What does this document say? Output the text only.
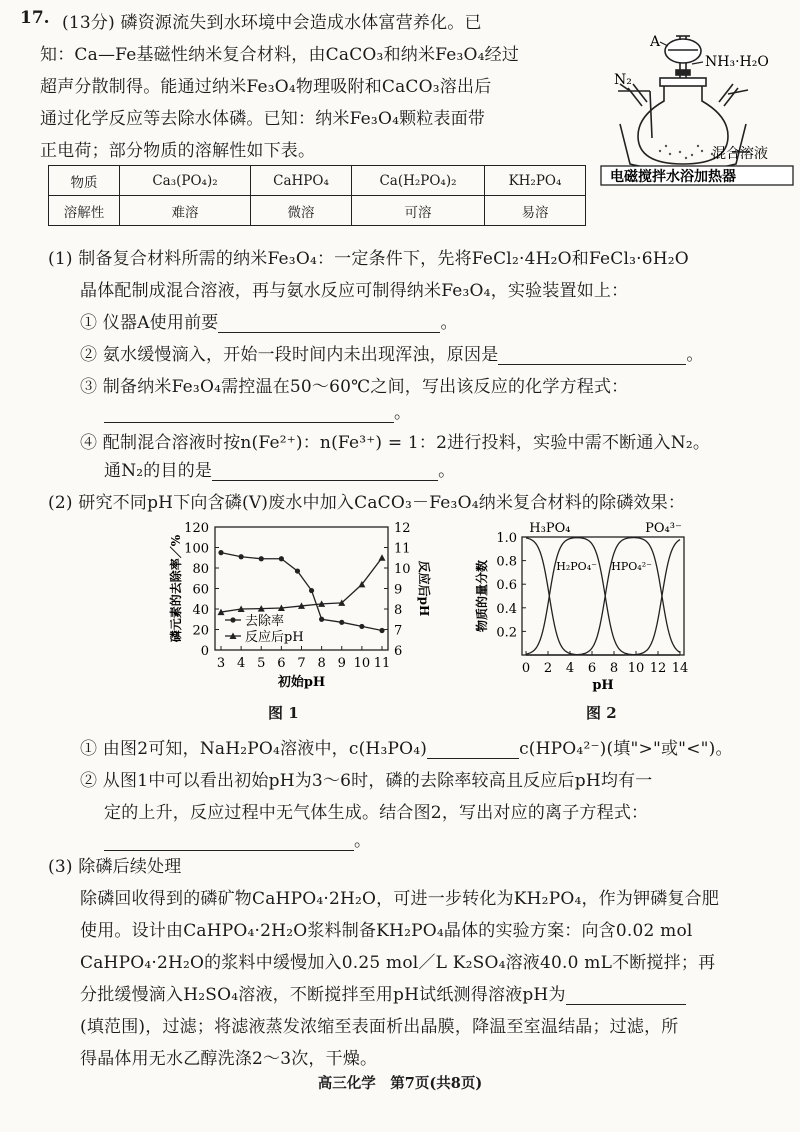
17. (13分) 磷资源流失到水环境中会造成水体富营养化。已
知：Ca—Fe基磁性纳米复合材料，由CaCO₃和纳米Fe₃O₄经过
超声分散制得。能通过纳米Fe₃O₄物理吸附和CaCO₃溶出后
通过化学反应等去除水体磷。已知：纳米Fe₃O₄颗粒表面带
正电荷；部分物质的溶解性如下表。
A
NH₃·H₂O
N₂
混合溶液
电磁搅拌水浴加热器
物质	Ca₃(PO₄)₂	CaHPO₄	Ca(H₂PO₄)₂	KH₂PO₄
溶解性	难溶	微溶	可溶	易溶
(1) 制备复合材料所需的纳米Fe₃O₄：一定条件下，先将FeCl₂·4H₂O和FeCl₃·6H₂O
晶体配制成混合溶液，再与氨水反应可制得纳米Fe₃O₄，实验装置如上：
① 仪器A使用前要	。
② 氨水缓慢滴入，开始一段时间内未出现浑浊，原因是	。
③ 制备纳米Fe₃O₄需控温在50～60℃之间，写出该反应的化学方程式：
。
④ 配制混合溶液时按n(Fe²⁺)：n(Fe³⁺) = 1：2进行投料，实验中需不断通入N₂。
通N₂的目的是	。
(2) 研究不同pH下向含磷(V)废水中加入CaCO₃－Fe₃O₄纳米复合材料的除磷效果：
3 4 5 6 7 8 9 10 11
0
20
40
60
80
100
120
6
7
8
9
10
11
12
初始pH
磷元素的去除率／%	反应后pH
去除率
反应后pH
图 1
0 2 4 6 8 10 12 14
0.2
0.4
0.6
0.8
1.0
pH
物质的量分数
H₃PO₄
H₂PO₄⁻ HPO₄²⁻
PO₄³⁻
图 2
① 由图2可知，NaH₂PO₄溶液中，c(H₃PO₄)	c(HPO₄²⁻)(填">"或"<")。
② 从图1中可以看出初始pH为3～6时，磷的去除率较高且反应后pH均有一
定的上升，反应过程中无气体生成。结合图2，写出对应的离子方程式：
。
(3) 除磷后续处理
除磷回收得到的磷矿物CaHPO₄·2H₂O，可进一步转化为KH₂PO₄，作为钾磷复合肥
使用。设计由CaHPO₄·2H₂O浆料制备KH₂PO₄晶体的实验方案：向含0.02 mol
CaHPO₄·2H₂O的浆料中缓慢加入0.25 mol／L K₂SO₄溶液40.0 mL不断搅拌；再
分批缓慢滴入H₂SO₄溶液，不断搅拌至用pH试纸测得溶液pH为
(填范围)，过滤；将滤液蒸发浓缩至表面析出晶膜，降温至室温结晶；过滤，所
得晶体用无水乙醇洗涤2～3次，干燥。
高三化学　第7页(共8页)
